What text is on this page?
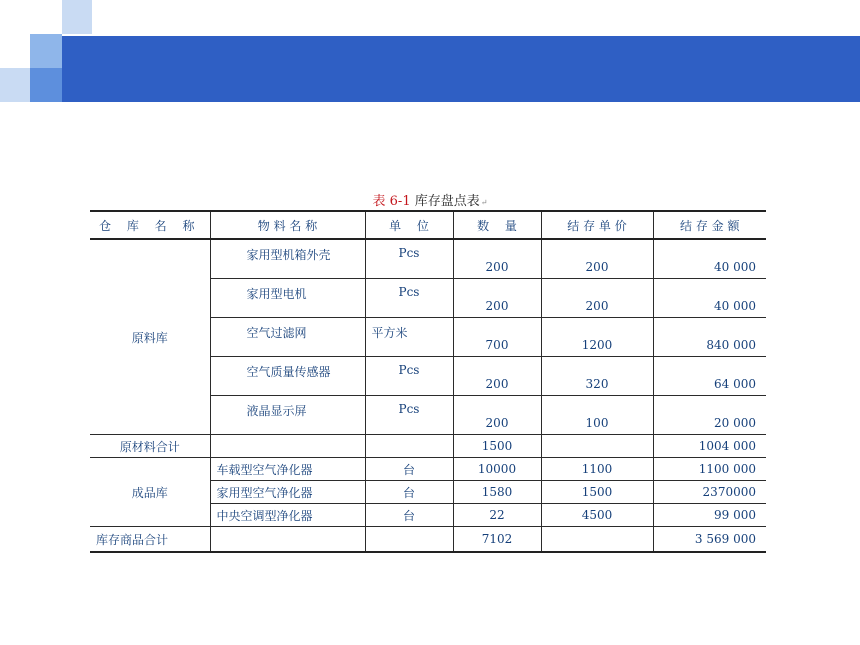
表 6-1 库存盘点表↵
仓 库 名 称	物 料 名 称	单　 位	数　 量	结 存 单 价	结 存 金 额
原料库	家用型机箱外壳	Pcs	200	200	40 000
	家用型电机	Pcs	200	200	40 000
	空气过滤网	平方米	700	1200	840 000
	空气质量传感器	Pcs	200	320	64 000
	液晶显示屏	Pcs	200	100	20 000
原材料合计			1500		1004 000
成品库	车载型空气净化器	台	10000	1100	1100 000
	家用型空气净化器	台	1580	1500	2370000
	中央空调型净化器	台	22	4500	99 000
库存商品合计			7102		3 569 000
